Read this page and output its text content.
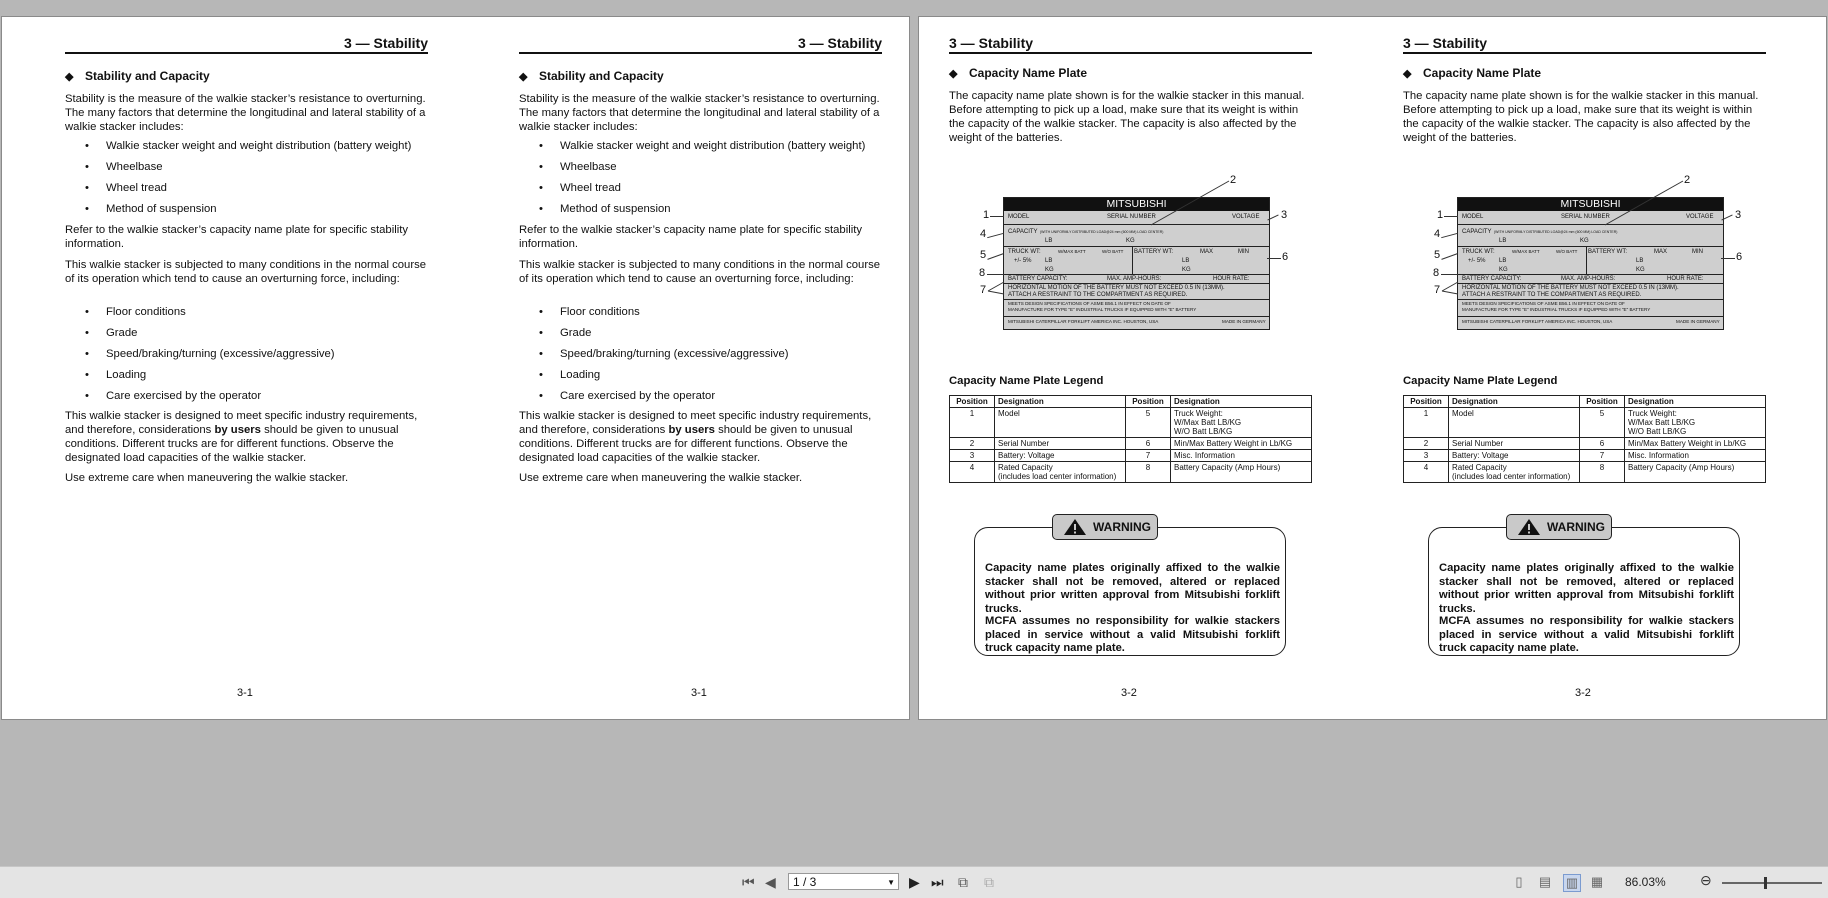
3 — Stability
◆ Stability and Capacity

Stability is the measure of the walkie stacker’s resistance to overturning. The many factors that determine the longitudinal and lateral stability of a walkie stacker includes:

• Walkie stacker weight and weight distribution (battery weight)
• Wheelbase
• Wheel tread
• Method of suspension

Refer to the walkie stacker’s capacity name plate for specific stability information.

This walkie stacker is subjected to many conditions in the normal course of its operation which tend to cause an overturning force, including:

• Floor conditions
• Grade
• Speed/braking/turning (excessive/aggressive)
• Loading
• Care exercised by the operator

This walkie stacker is designed to meet specific industry requirements, and therefore, considerations by users should be given to unusual conditions. Different trucks are for different functions. Observe the designated load capacities of the walkie stacker.

Use extreme care when maneuvering the walkie stacker.

3-1
3 — Stability
◆ Stability and Capacity

Stability is the measure of the walkie stacker’s resistance to overturning. The many factors that determine the longitudinal and lateral stability of a walkie stacker includes:

• Walkie stacker weight and weight distribution (battery weight)
• Wheelbase
• Wheel tread
• Method of suspension

Refer to the walkie stacker’s capacity name plate for specific stability information.

This walkie stacker is subjected to many conditions in the normal course of its operation which tend to cause an overturning force, including:

• Floor conditions
• Grade
• Speed/braking/turning (excessive/aggressive)
• Loading
• Care exercised by the operator

This walkie stacker is designed to meet specific industry requirements, and therefore, considerations by users should be given to unusual conditions. Different trucks are for different functions. Observe the designated load capacities of the walkie stacker.

Use extreme care when maneuvering the walkie stacker.

3-1
3 — Stability
◆ Capacity Name Plate

The capacity name plate shown is for the walkie stacker in this manual. Before attempting to pick up a load, make sure that its weight is within the capacity of the walkie stacker. The capacity is also affected by the weight of the batteries.

MITSUBISHI
MODEL	SERIAL NUMBER	VOLTAGE
CAPACITY (WITH UNIFORMLY DISTRIBUTED LOAD@24 mm (600 MM) LOAD CENTER)
LB	KG
TRUCK WT:	W/MAX BATT	W/O BATT BATTERY WT:	MAX	MIN
+/- 5% LB	LB
KG	KG
BATTERY CAPACITY:	MAX. AMP-HOURS:	HOUR RATE:
HORIZONTAL MOTION OF THE BATTERY MUST NOT EXCEED 0.5 IN (13MM).
ATTACH A RESTRAINT TO THE COMPARTMENT AS REQUIRED.
MEETS DESIGN SPECIFICATIONS OF ASME B56.1 IN EFFECT ON DATE OF
MANUFACTURE FOR TYPE "E" INDUSTRIAL TRUCKS IF EQUIPPED WITH "E" BATTERY
MITSUBISHI CATERPILLAR FORKLIFT AMERICA INC. HOUSTON, USA	MADE IN GERMANY
1
2
3
4
5	6
8
7
Capacity Name Plate Legend
Position	Designation	Position	Designation
1	Model	5	Truck Weight:
W/Max Batt LB/KG
W/O Batt LB/KG
2	Serial Number	6	Min/Max Battery Weight in Lb/KG
3	Battery: Voltage	7	Misc. Information
4	Rated Capacity
(includes load center information)	8	Battery Capacity (Amp Hours)

Capacity name plates originally affixed to the walkie stacker shall not be removed, altered or replaced without prior written approval from Mitsubishi forklift trucks.

MCFA assumes no responsibility for walkie stackers placed in service without a valid Mitsubishi forklift truck capacity name plate.

WARNING
3-2
3 — Stability
◆ Capacity Name Plate

The capacity name plate shown is for the walkie stacker in this manual. Before attempting to pick up a load, make sure that its weight is within the capacity of the walkie stacker. The capacity is also affected by the weight of the batteries.

MITSUBISHI
MODEL	SERIAL NUMBER	VOLTAGE
CAPACITY (WITH UNIFORMLY DISTRIBUTED LOAD@24 mm (600 MM) LOAD CENTER)
LB	KG
TRUCK WT:	W/MAX BATT	W/O BATT BATTERY WT:	MAX	MIN
+/- 5% LB	LB
KG	KG
BATTERY CAPACITY:	MAX. AMP-HOURS:	HOUR RATE:
HORIZONTAL MOTION OF THE BATTERY MUST NOT EXCEED 0.5 IN (13MM).
ATTACH A RESTRAINT TO THE COMPARTMENT AS REQUIRED.
MEETS DESIGN SPECIFICATIONS OF ASME B56.1 IN EFFECT ON DATE OF
MANUFACTURE FOR TYPE "E" INDUSTRIAL TRUCKS IF EQUIPPED WITH "E" BATTERY
MITSUBISHI CATERPILLAR FORKLIFT AMERICA INC. HOUSTON, USA	MADE IN GERMANY
1
2
3
4
5	6
8
7
Capacity Name Plate Legend
Position	Designation	Position	Designation
1	Model	5	Truck Weight:
W/Max Batt LB/KG
W/O Batt LB/KG
2	Serial Number	6	Min/Max Battery Weight in Lb/KG
3	Battery: Voltage	7	Misc. Information
4	Rated Capacity
(includes load center information)	8	Battery Capacity (Amp Hours)

Capacity name plates originally affixed to the walkie stacker shall not be removed, altered or replaced without prior written approval from Mitsubishi forklift trucks.

MCFA assumes no responsibility for walkie stackers placed in service without a valid Mitsubishi forklift truck capacity name plate.

WARNING
3-2
⏮ ◀	1 / 3	▼ ▶ ⏭ ⧉ ⧉	▯	▤ ▥ ▦ 86.03% ⊖
